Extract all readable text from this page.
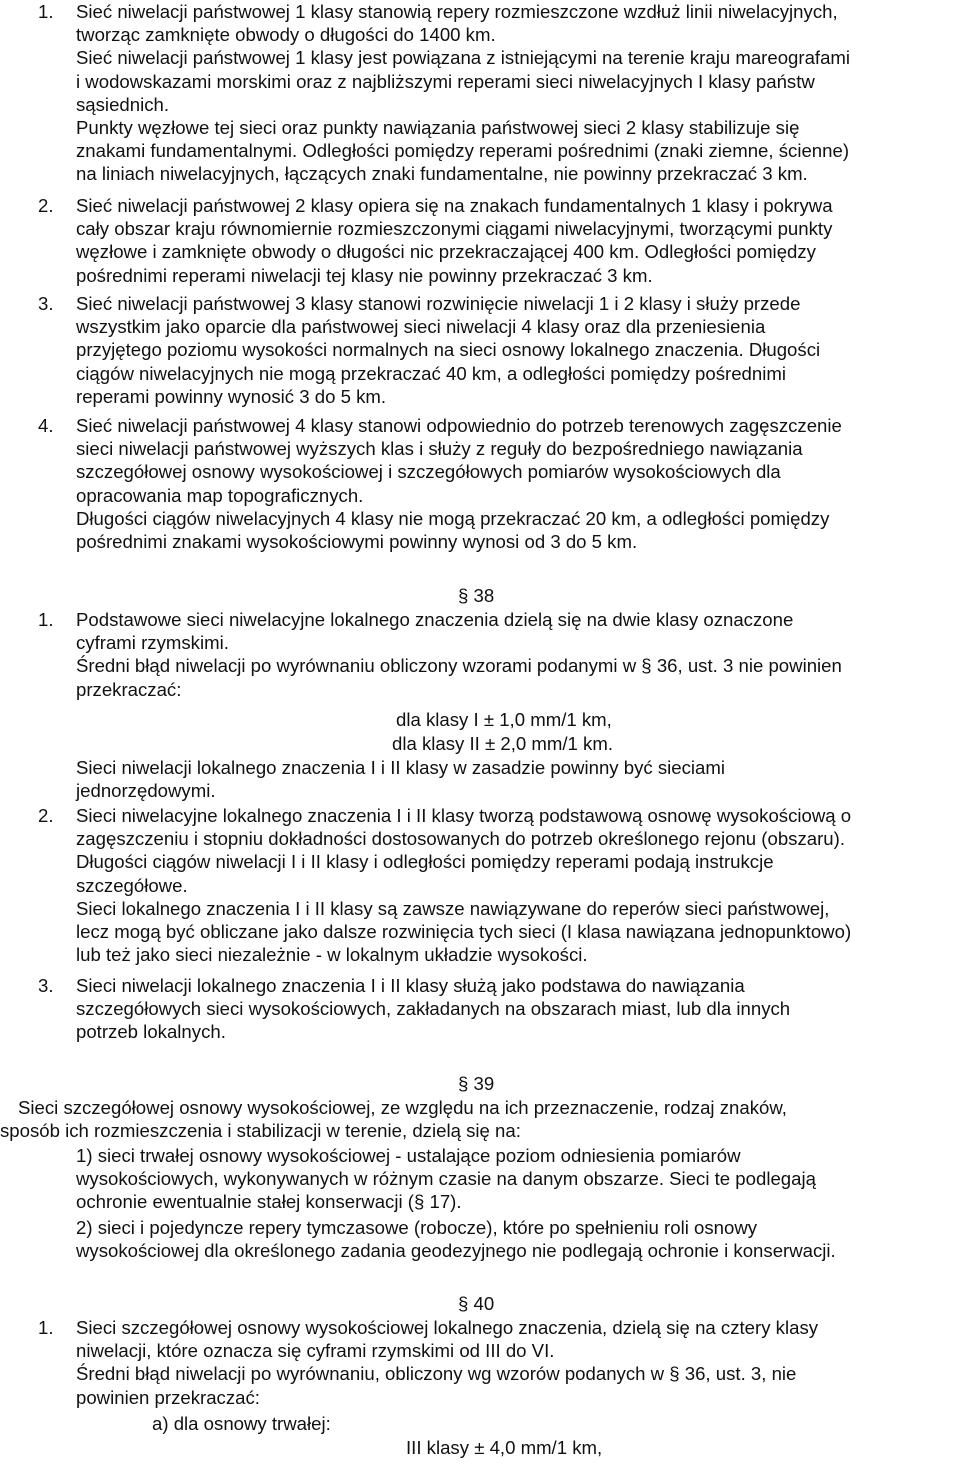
1.	Sieć niwelacji państwowej 1 klasy stanowią repery rozmieszczone wzdłuż linii niwelacyjnych,
tworząc zamknięte obwody o długości do 1400 km.
Sieć niwelacji państwowej 1 klasy jest powiązana z istniejącymi na terenie kraju mareografami
i wodowskazami morskimi oraz z najbliższymi reperami sieci niwelacyjnych I klasy państw
sąsiednich.
Punkty węzłowe tej sieci oraz punkty nawiązania państwowej sieci 2 klasy stabilizuje się
znakami fundamentalnymi. Odległości pomiędzy reperami pośrednimi (znaki ziemne, ścienne)
na liniach niwelacyjnych, łączących znaki fundamentalne, nie powinny przekraczać 3 km.
2.	Sieć niwelacji państwowej 2 klasy opiera się na znakach fundamentalnych 1 klasy i pokrywa
cały obszar kraju równomiernie rozmieszczonymi ciągami niwelacyjnymi, tworzącymi punkty
węzłowe i zamknięte obwody o długości nic przekraczającej 400 km. Odległości pomiędzy
pośrednimi reperami niwelacji tej klasy nie powinny przekraczać 3 km.
3.	Sieć niwelacji państwowej 3 klasy stanowi rozwinięcie niwelacji 1 i 2 klasy i służy przede
wszystkim jako oparcie dla państwowej sieci niwelacji 4 klasy oraz dla przeniesienia
przyjętego poziomu wysokości normalnych na sieci osnowy lokalnego znaczenia. Długości
ciągów niwelacyjnych nie mogą przekraczać 40 km, a odległości pomiędzy pośrednimi
reperami powinny wynosić 3 do 5 km.
4.	Sieć niwelacji państwowej 4 klasy stanowi odpowiednio do potrzeb terenowych zagęszczenie
sieci niwelacji państwowej wyższych klas i służy z reguły do bezpośredniego nawiązania
szczegółowej osnowy wysokościowej i szczegółowych pomiarów wysokościowych dla
opracowania map topograficznych.
Długości ciągów niwelacyjnych 4 klasy nie mogą przekraczać 20 km, a odległości pomiędzy
pośrednimi znakami wysokościowymi powinny wynosi od 3 do 5 km.
§ 38
1.	Podstawowe sieci niwelacyjne lokalnego znaczenia dzielą się na dwie klasy oznaczone
cyframi rzymskimi.
Średni błąd niwelacji po wyrównaniu obliczony wzorami podanymi w § 36, ust. 3 nie powinien
przekraczać:
dla klasy I ± 1,0 mm/1 km,
dla klasy II ± 2,0 mm/1 km.
Sieci niwelacji lokalnego znaczenia I i II klasy w zasadzie powinny być sieciami
jednorzędowymi.
2.	Sieci niwelacyjne lokalnego znaczenia I i II klasy tworzą podstawową osnowę wysokościową o
zagęszczeniu i stopniu dokładności dostosowanych do potrzeb określonego rejonu (obszaru).
Długości ciągów niwelacji I i II klasy i odległości pomiędzy reperami podają instrukcje
szczegółowe.
Sieci lokalnego znaczenia I i II klasy są zawsze nawiązywane do reperów sieci państwowej,
lecz mogą być obliczane jako dalsze rozwinięcia tych sieci (I klasa nawiązana jednopunktowo)
lub też jako sieci niezależnie - w lokalnym układzie wysokości.
3.	Sieci niwelacji lokalnego znaczenia I i II klasy służą jako podstawa do nawiązania
szczegółowych sieci wysokościowych, zakładanych na obszarach miast, lub dla innych
potrzeb lokalnych.
§ 39
Sieci szczegółowej osnowy wysokościowej, ze względu na ich przeznaczenie, rodzaj znaków,
sposób ich rozmieszczenia i stabilizacji w terenie, dzielą się na:
1) sieci trwałej osnowy wysokościowej - ustalające poziom odniesienia pomiarów
wysokościowych, wykonywanych w różnym czasie na danym obszarze. Sieci te podlegają
ochronie ewentualnie stałej konserwacji (§ 17).
2) sieci i pojedyncze repery tymczasowe (robocze), które po spełnieniu roli osnowy
wysokościowej dla określonego zadania geodezyjnego nie podlegają ochronie i konserwacji.
§ 40
1.	Sieci szczegółowej osnowy wysokościowej lokalnego znaczenia, dzielą się na cztery klasy
niwelacji, które oznacza się cyframi rzymskimi od III do VI.
Średni błąd niwelacji po wyrównaniu, obliczony wg wzorów podanych w § 36, ust. 3, nie
powinien przekraczać:
a) dla osnowy trwałej:
III klasy ± 4,0 mm/1 km,
